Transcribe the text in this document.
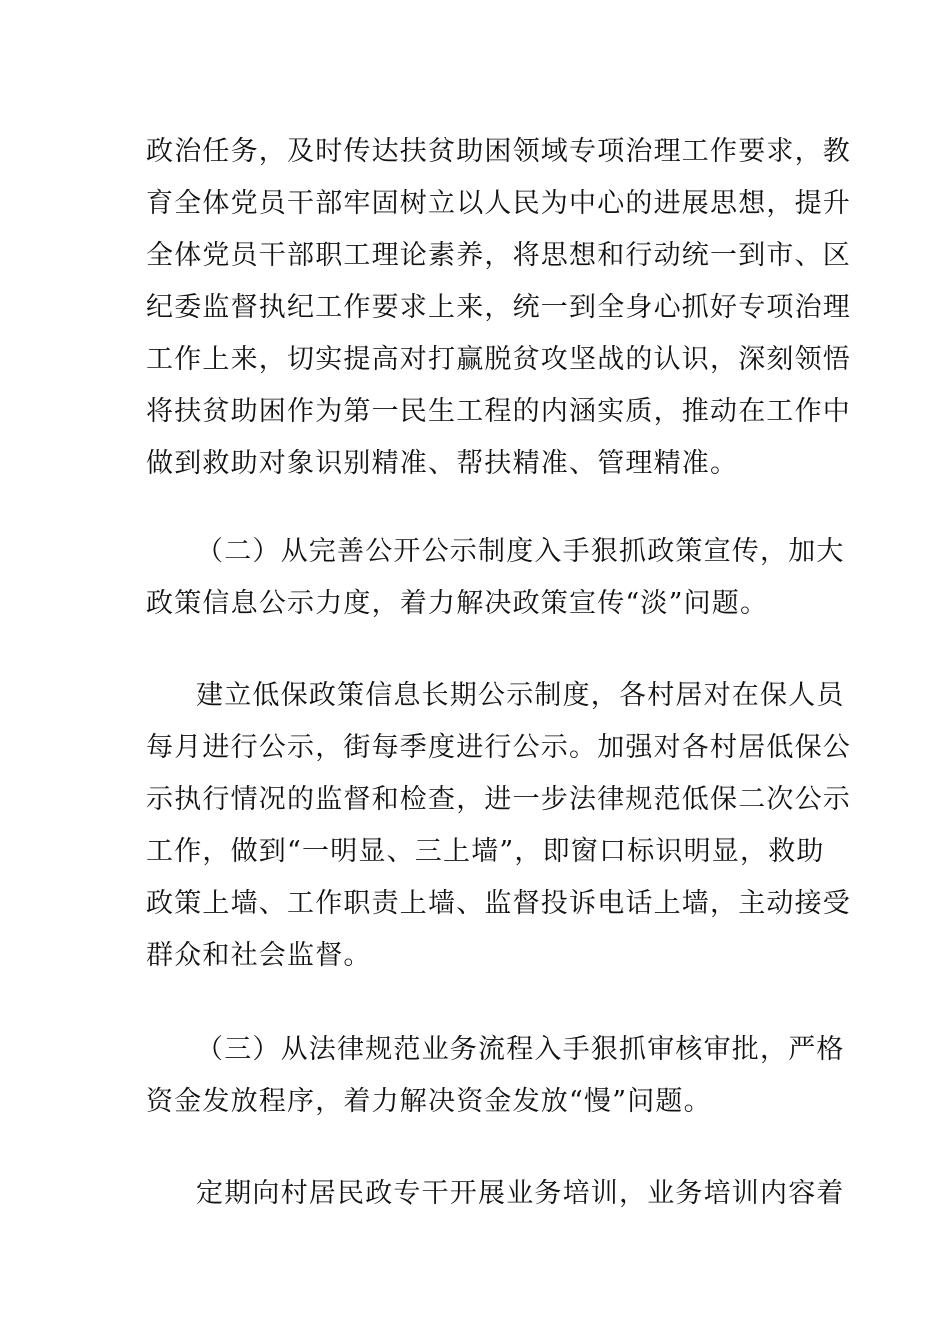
政治任务，及时传达扶贫助困领域专项治理工作要求，教
育全体党员干部牢固树立以人民为中心的进展思想，提升
全体党员干部职工理论素养，将思想和行动统一到市、区
纪委监督执纪工作要求上来，统一到全身心抓好专项治理
工作上来，切实提高对打赢脱贫攻坚战的认识，深刻领悟
将扶贫助困作为第一民生工程的内涵实质，推动在工作中
做到救助对象识别精准、帮扶精准、管理精准。
（二）从完善公开公示制度入手狠抓政策宣传，加大
政策信息公示力度，着力解决政策宣传“淡”问题。
建立低保政策信息长期公示制度，各村居对在保人员
每月进行公示，街每季度进行公示。加强对各村居低保公
示执行情况的监督和检查，进一步法律规范低保二次公示
工作，做到“一明显、三上墙”，即窗口标识明显，救助
政策上墙、工作职责上墙、监督投诉电话上墙，主动接受
群众和社会监督。
（三）从法律规范业务流程入手狠抓审核审批，严格
资金发放程序，着力解决资金发放“慢”问题。
定期向村居民政专干开展业务培训，业务培训内容着
